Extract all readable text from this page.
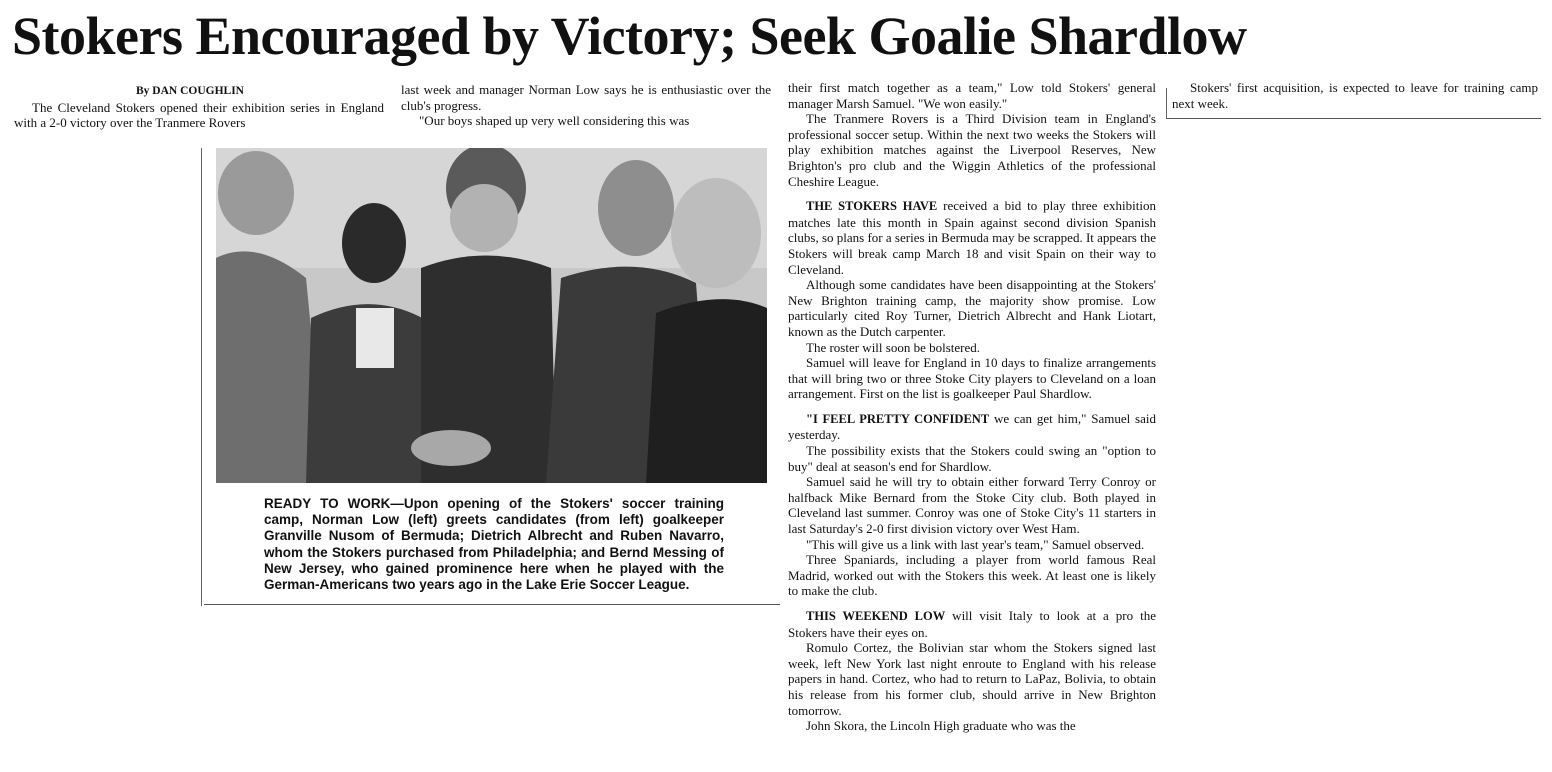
Stokers Encouraged by Victory; Seek Goalie Shardlow

By DAN COUGHLIN

The Cleveland Stokers opened their exhibition series in England with a 2-0 victory over the Tranmere Rovers

last week and manager Norman Low says he is enthusiastic over the club's progress.

"Our boys shaped up very well considering this was

READY TO WORK—Upon opening of the Stokers' soccer training camp, Norman Low (left) greets candidates (from left) goalkeeper Granville Nusom of Bermuda; Dietrich Albrecht and Ruben Navarro, whom the Stokers purchased from Philadelphia; and Bernd Messing of New Jersey, who gained prominence here when he played with the German-Americans two years ago in the Lake Erie Soccer League.

their first match together as a team," Low told Stokers' general manager Marsh Samuel. "We won easily."

The Tranmere Rovers is a Third Division team in England's professional soccer setup. Within the next two weeks the Stokers will play exhibition matches against the Liverpool Reserves, New Brighton's pro club and the Wiggin Athletics of the professional Cheshire League.

THE STOKERS HAVE received a bid to play three exhibition matches late this month in Spain against second division Spanish clubs, so plans for a series in Bermuda may be scrapped. It appears the Stokers will break camp March 18 and visit Spain on their way to Cleveland.

Although some candidates have been disappointing at the Stokers' New Brighton training camp, the majority show promise. Low particularly cited Roy Turner, Dietrich Albrecht and Hank Liotart, known as the Dutch carpenter.

The roster will soon be bolstered.

Samuel will leave for England in 10 days to finalize arrangements that will bring two or three Stoke City players to Cleveland on a loan arrangement. First on the list is goalkeeper Paul Shardlow.

"I FEEL PRETTY CONFIDENT we can get him," Samuel said yesterday.

The possibility exists that the Stokers could swing an "option to buy" deal at season's end for Shardlow.

Samuel said he will try to obtain either forward Terry Conroy or halfback Mike Bernard from the Stoke City club. Both played in Cleveland last summer. Conroy was one of Stoke City's 11 starters in last Saturday's 2-0 first division victory over West Ham.

"This will give us a link with last year's team," Samuel observed.

Three Spaniards, including a player from world famous Real Madrid, worked out with the Stokers this week. At least one is likely to make the club.

THIS WEEKEND LOW will visit Italy to look at a pro the Stokers have their eyes on.

Romulo Cortez, the Bolivian star whom the Stokers signed last week, left New York last night enroute to England with his release papers in hand. Cortez, who had to return to LaPaz, Bolivia, to obtain his release from his former club, should arrive in New Brighton tomorrow.

John Skora, the Lincoln High graduate who was the

Stokers' first acquisition, is expected to leave for training camp next week.
